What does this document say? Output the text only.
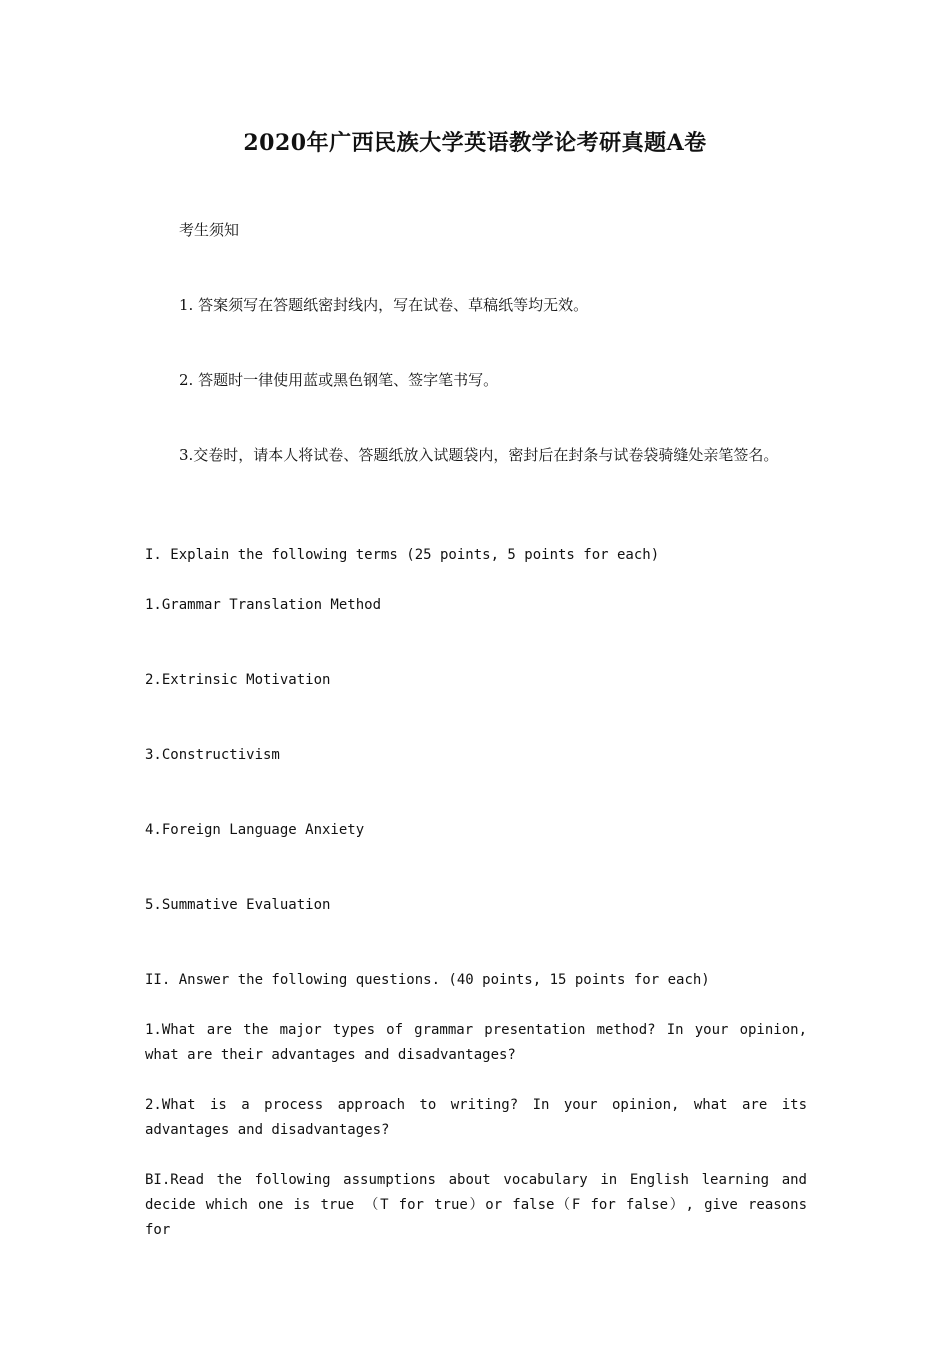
2020年广西民族大学英语教学论考研真题A卷

考生须知

1. 答案须写在答题纸密封线内，写在试卷、草稿纸等均无效。

2. 答题时一律使用蓝或黑色钢笔、签字笔书写。

3.交卷时，请本人将试卷、答题纸放入试题袋内，密封后在封条与试卷袋骑缝处亲笔签名。

I. Explain the following terms (25 points, 5 points for each)

1.Grammar Translation Method

2.Extrinsic Motivation

3.Constructivism

4.Foreign Language Anxiety

5.Summative Evaluation

II. Answer the following questions. (40 points, 15 points for each)

1.What are the major types of grammar presentation method? In your opinion, what are their advantages and disadvantages?

2.What is a process approach to writing? In your opinion, what are its advantages and disadvantages?

BI.Read the following assumptions about vocabulary in English learning and decide which one is true （T for true）or false（F for false）, give reasons for
